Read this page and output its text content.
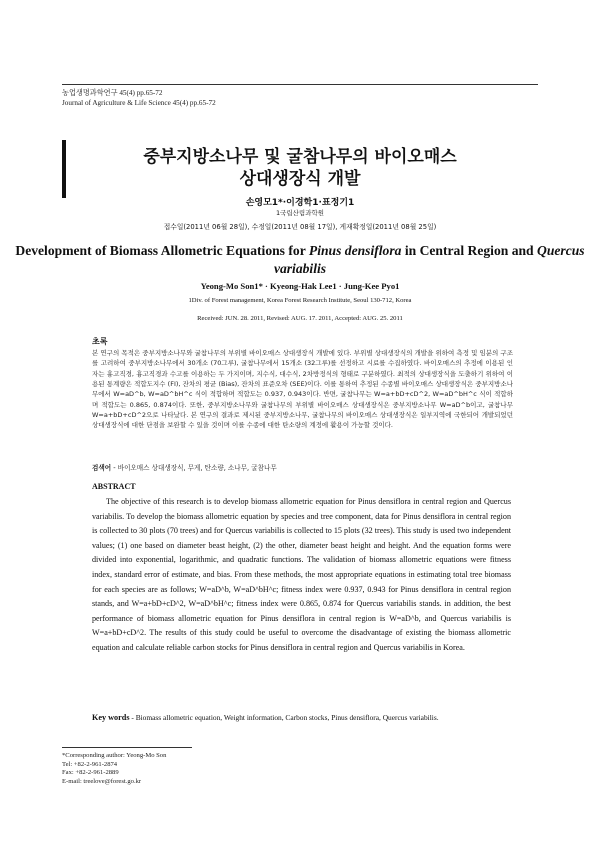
농업생명과학연구 45(4) pp.65-72
Journal of Agriculture & Life Science 45(4) pp.65-72
중부지방소나무 및 굴참나무의 바이오매스
상대생장식 개발
손영모1*·이경학1·표정기1
1국립산림과학원
접수일(2011년 06월 28일), 수정일(2011년 08월 17일), 게재확정일(2011년 08월 25일)
Development of Biomass Allometric Equations for Pinus densiflora in Central Region and Quercus variabilis
Yeong-Mo Son1* · Kyeong-Hak Lee1 · Jung-Kee Pyo1
1Div. of Forest management, Korea Forest Research Institute, Seoul 130-712, Korea
Received: JUN. 28. 2011, Revised: AUG. 17. 2011, Accepted: AUG. 25. 2011
초록
본 연구의 목적은 중부지방소나무와 굴참나무의 부위별 바이오매스 상대생장식 개발에 있다. 부위별 상대생장식의 개발을 위하여 측정 및 임분의 구조를 고려하여 중부지방소나무에서 30개소 (70그루), 굴참나무에서 15개소 (32그루)를 선정하고 시료를 수집하였다. 바이오매스의 추정에 이용된 인자는 흉고직경, 흉고직경과 수고를 이용하는 두 가지이며, 지수식, 대수식, 2차방정식의 형태로 구분하였다. 최적의 상대생장식을 도출하기 위하여 이용된 통계량은 적합도지수 (FI), 잔차의 평균 (Bias), 잔차의 표준오차 (SEE)이다. 이를 통하여 추정된 수종별 바이오매스 상대생장식은 중부지방소나무에서 W=aD^b, W=aD^bH^c 식이 적합하며 적합도는 0.937, 0.943이다. 반면, 굴참나무는 W=a+bD+cD^2, W=aD^bH^c 식이 적합하며 적합도는 0.865, 0.874이다. 또한, 중부지방소나무와 굴참나무의 부위별 바이오매스 상대생장식은 중부지방소나무 W=aD^b이고, 굴참나무 W=a+bD+cD^2으로 나타났다. 본 연구의 결과로 제시된 중부지방소나무, 굴참나무의 바이오매스 상대생장식은 일부지역에 국한되어 개발되었던 상대생장식에 대한 단점을 보완할 수 있을 것이며 이를 수종에 대한 탄소량의 계정에 활용이 가능할 것이다.
검색어 - 바이오매스 상대생장식, 무게, 탄소량, 소나무, 굴참나무
ABSTRACT

The objective of this research is to develop biomass allometric equation for Pinus densiflora in central region and Quercus variabilis. To develop the biomass allometric equation by species and tree component, data for Pinus densiflora in central region is collected to 30 plots (70 trees) and for Quercus variabilis is collected to 15 plots (32 trees). This study is used two independent values; (1) one based on diameter beast height, (2) the other, diameter beast height and height. And the equation forms were divided into exponential, logarithmic, and quadratic functions. The validation of biomass allometric equations were fitness index, standard error of estimate, and bias. From these methods, the most appropriate equations in estimating total tree biomass for each species are as follows; W=aD^b, W=aD^bH^c; fitness index were 0.937, 0.943 for Pinus densiflora in central region stands, and W=a+bD+cD^2, W=aD^bH^c; fitness index were 0.865, 0.874 for Quercus variabilis stands. in addition, the best performance of biomass allometric equation for Pinus densiflora in central region is W=aD^b, and Quercus variabilis is W=a+bD+cD^2. The results of this study could be useful to overcome the disadvantage of existing the biomass allometric equation and calculate reliable carbon stocks for Pinus densiflora in central region and Quercus variabilis in Korea.

Key words - Biomass allometric equation, Weight information, Carbon stocks, Pinus densiflora, Quercus variabilis.
*Corresponding author: Yeong-Mo Son
Tel: +82-2-961-2874
Fax: +82-2-961-2889
E-mail: treelove@forest.go.kr
